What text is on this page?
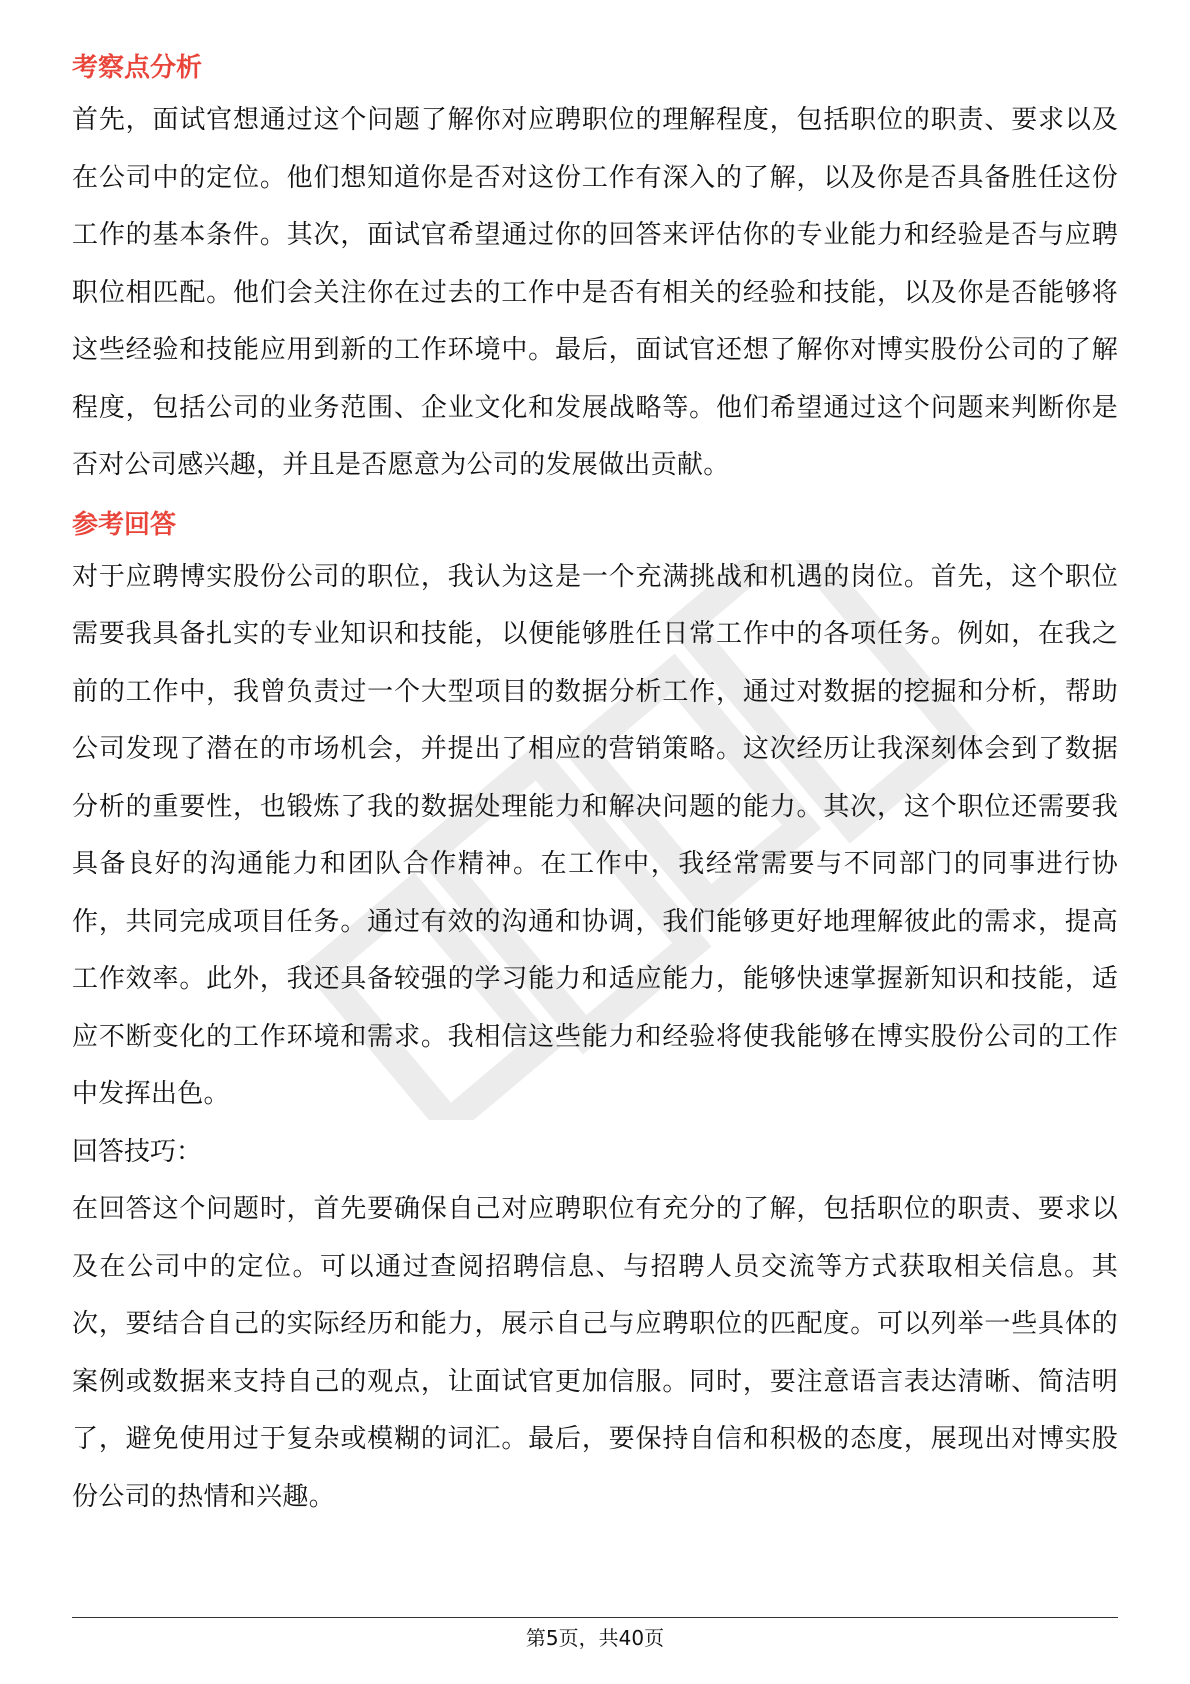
考察点分析

首先，面试官想通过这个问题了解你对应聘职位的理解程度，包括职位的职责、要求以及在公司中的定位。他们想知道你是否对这份工作有深入的了解，以及你是否具备胜任这份工作的基本条件。其次，面试官希望通过你的回答来评估你的专业能力和经验是否与应聘职位相匹配。他们会关注你在过去的工作中是否有相关的经验和技能，以及你是否能够将这些经验和技能应用到新的工作环境中。最后，面试官还想了解你对博实股份公司的了解程度，包括公司的业务范围、企业文化和发展战略等。他们希望通过这个问题来判断你是否对公司感兴趣，并且是否愿意为公司的发展做出贡献。

参考回答

对于应聘博实股份公司的职位，我认为这是一个充满挑战和机遇的岗位。首先，这个职位需要我具备扎实的专业知识和技能，以便能够胜任日常工作中的各项任务。例如，在我之前的工作中，我曾负责过一个大型项目的数据分析工作，通过对数据的挖掘和分析，帮助公司发现了潜在的市场机会，并提出了相应的营销策略。这次经历让我深刻体会到了数据分析的重要性，也锻炼了我的数据处理能力和解决问题的能力。其次，这个职位还需要我具备良好的沟通能力和团队合作精神。在工作中，我经常需要与不同部门的同事进行协作，共同完成项目任务。通过有效的沟通和协调，我们能够更好地理解彼此的需求，提高工作效率。此外，我还具备较强的学习能力和适应能力，能够快速掌握新知识和技能，适应不断变化的工作环境和需求。我相信这些能力和经验将使我能够在博实股份公司的工作中发挥出色。

回答技巧：

在回答这个问题时，首先要确保自己对应聘职位有充分的了解，包括职位的职责、要求以及在公司中的定位。可以通过查阅招聘信息、与招聘人员交流等方式获取相关信息。其次，要结合自己的实际经历和能力，展示自己与应聘职位的匹配度。可以列举一些具体的案例或数据来支持自己的观点，让面试官更加信服。同时，要注意语言表达清晰、简洁明了，避免使用过于复杂或模糊的词汇。最后，要保持自信和积极的态度，展现出对博实股份公司的热情和兴趣。

第5页，共40页
